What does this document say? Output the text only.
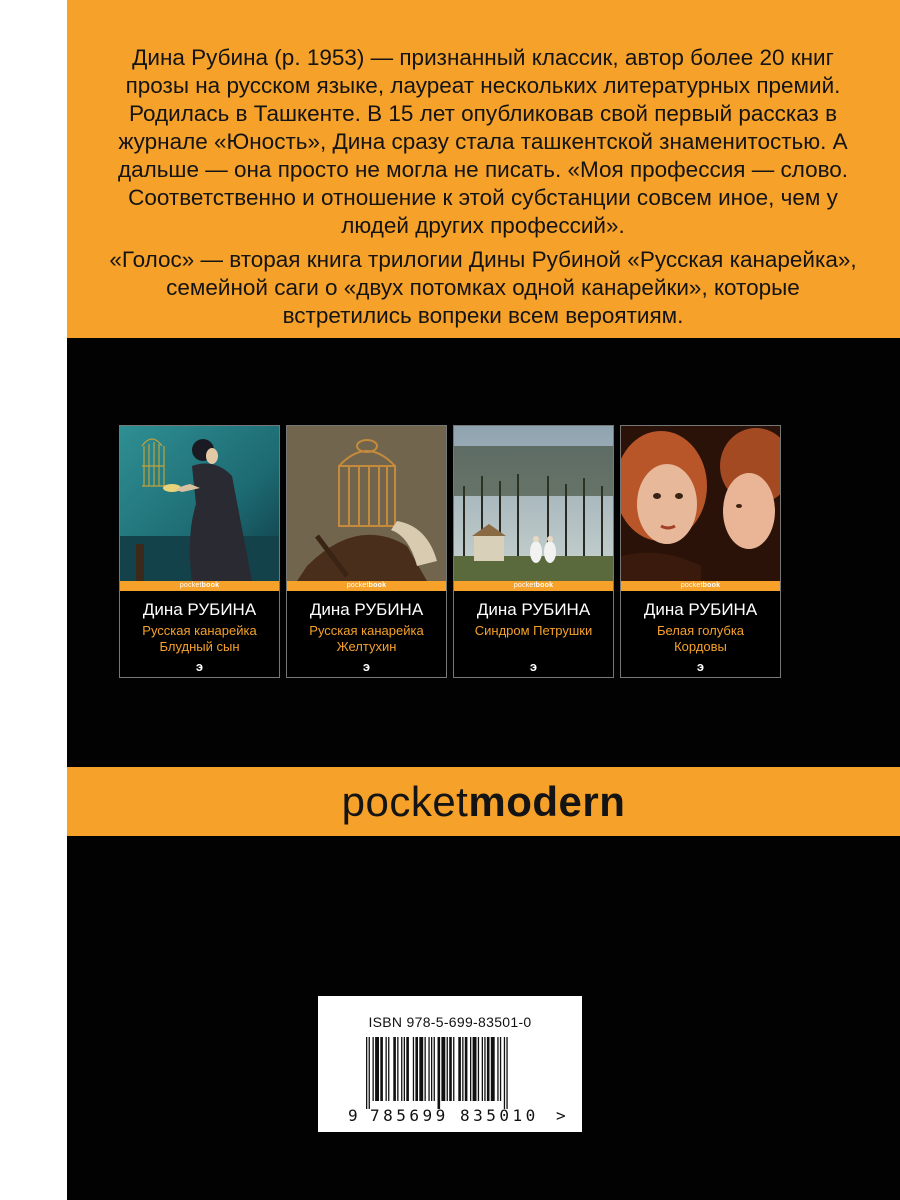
Дина Рубина (р. 1953) — признанный классик, автор более 20 книг прозы на русском языке, лауреат нескольких литературных премий. Родилась в Ташкенте. В 15 лет опубликовав свой первый рассказ в журнале «Юность», Дина сразу стала ташкентской знаменитостью. А дальше — она просто не могла не писать. «Моя профессия — слово. Соответственно и отношение к этой субстанции совсем иное, чем у людей других профессий».

«Голос» — вторая книга трилогии Дины Рубиной «Русская канарейка», семейной саги о «двух потомках одной канарейки», которые встретились вопреки всем вероятиям.

pocketbook
Дина РУБИНА
Русская канарейка
Блудный сын
э
pocketbook
Дина РУБИНА
Русская канарейка
Желтухин
э
pocketbook
Дина РУБИНА
Синдром Петрушки
э
pocketbook
Дина РУБИНА
Белая голубка
Кордовы
э
pocketmodern
ISBN 978-5-699-83501-0
9 785699 835010 >
